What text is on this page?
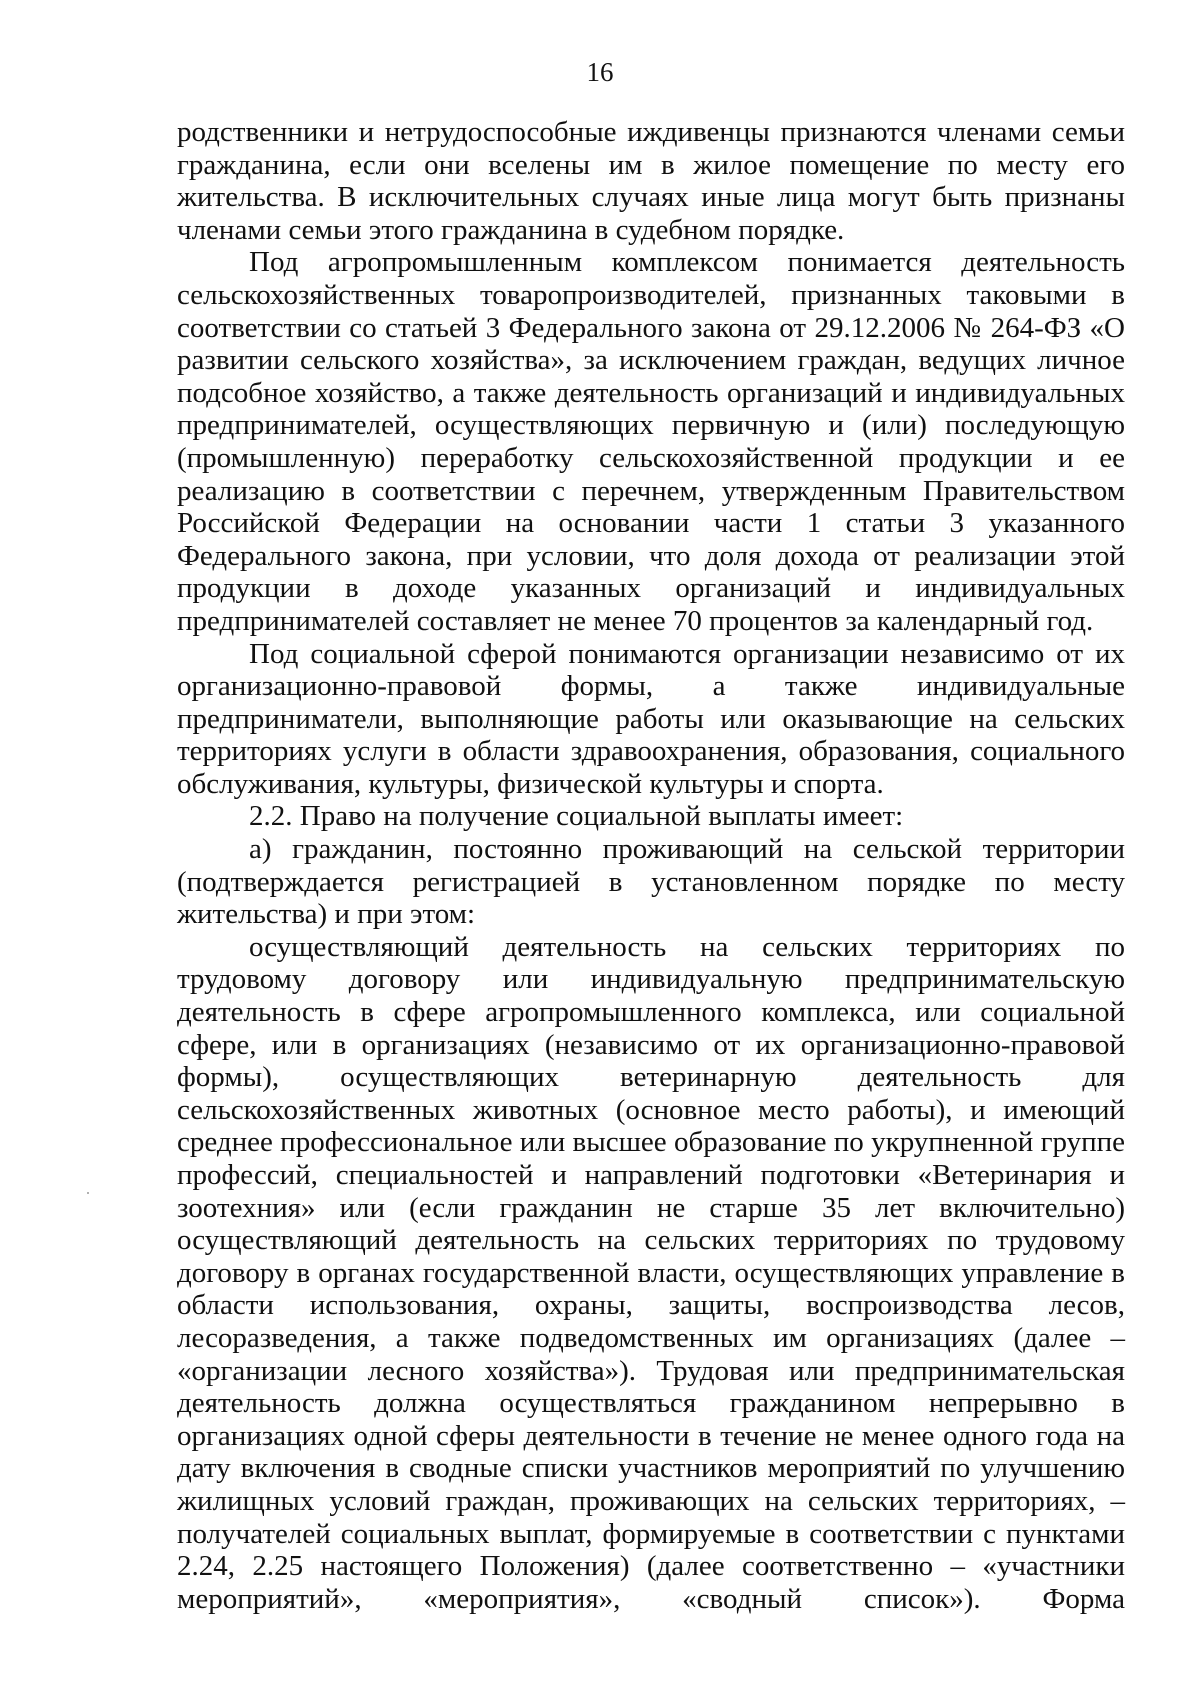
16

родственники и нетрудоспособные иждивенцы признаются членами семьи гражданина, если они вселены им в жилое помещение по месту его жительства. В исключительных случаях иные лица могут быть признаны членами семьи этого гражданина в судебном порядке.

Под агропромышленным комплексом понимается деятельность сельскохозяйственных товаропроизводителей, признанных таковыми в соответствии со статьей 3 Федерального закона от 29.12.2006 № 264-ФЗ «О развитии сельского хозяйства», за исключением граждан, ведущих личное подсобное хозяйство, а также деятельность организаций и индивидуальных предпринимателей, осуществляющих первичную и (или) последующую (промышленную) переработку сельскохозяйственной продукции и ее реализацию в соответствии с перечнем, утвержденным Правительством Российской Федерации на основании части 1 статьи 3 указанного Федерального закона, при условии, что доля дохода от реализации этой продукции в доходе указанных организаций и индивидуальных предпринимателей составляет не менее 70 процентов за календарный год.

Под социальной сферой понимаются организации независимо от их организационно-правовой формы, а также индивидуальные предприниматели, выполняющие работы или оказывающие на сельских территориях услуги в области здравоохранения, образования, социального обслуживания, культуры, физической культуры и спорта.

2.2. Право на получение социальной выплаты имеет:

а) гражданин, постоянно проживающий на сельской территории (подтверждается регистрацией в установленном порядке по месту жительства) и при этом:

осуществляющий деятельность на сельских территориях по трудовому договору или индивидуальную предпринимательскую деятельность в сфере агропромышленного комплекса, или социальной сфере, или в организациях (независимо от их организационно-правовой формы), осуществляющих ветеринарную деятельность для сельскохозяйственных животных (основное место работы), и имеющий среднее профессиональное или высшее образование по укрупненной группе профессий, специальностей и направлений подготовки «Ветеринария и зоотехния» или (если гражданин не старше 35 лет включительно) осуществляющий деятельность на сельских территориях по трудовому договору в органах государственной власти, осуществляющих управление в области использования, охраны, защиты, воспроизводства лесов, лесоразведения, а также подведомственных им организациях (далее – «организации лесного хозяйства»). Трудовая или предпринимательская деятельность должна осуществляться гражданином непрерывно в организациях одной сферы деятельности в течение не менее одного года на дату включения в сводные списки участников мероприятий по улучшению жилищных условий граждан, проживающих на сельских территориях, – получателей социальных выплат, формируемые в соответствии с пунктами 2.24, 2.25 настоящего Положения) (далее соответственно – «участники мероприятий», «мероприятия», «сводный список»). Форма
